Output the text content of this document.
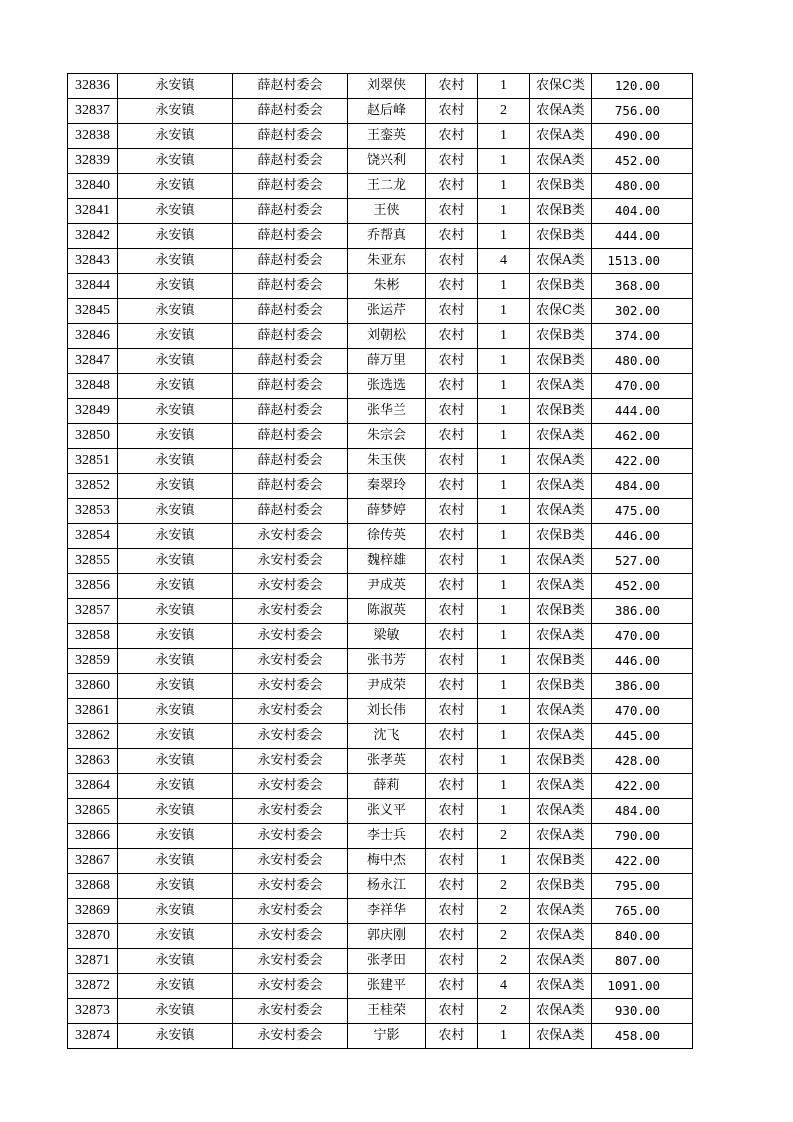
32836	永安镇	薛赵村委会	刘翠侠	农村	1	农保C类	120.00
32837	永安镇	薛赵村委会	赵后峰	农村	2	农保A类	756.00
32838	永安镇	薛赵村委会	王銮英	农村	1	农保A类	490.00
32839	永安镇	薛赵村委会	饶兴利	农村	1	农保A类	452.00
32840	永安镇	薛赵村委会	王二龙	农村	1	农保B类	480.00
32841	永安镇	薛赵村委会	王侠	农村	1	农保B类	404.00
32842	永安镇	薛赵村委会	乔帮真	农村	1	农保B类	444.00
32843	永安镇	薛赵村委会	朱亚东	农村	4	农保A类	1513.00
32844	永安镇	薛赵村委会	朱彬	农村	1	农保B类	368.00
32845	永安镇	薛赵村委会	张运芹	农村	1	农保C类	302.00
32846	永安镇	薛赵村委会	刘朝松	农村	1	农保B类	374.00
32847	永安镇	薛赵村委会	薛万里	农村	1	农保B类	480.00
32848	永安镇	薛赵村委会	张选选	农村	1	农保A类	470.00
32849	永安镇	薛赵村委会	张华兰	农村	1	农保B类	444.00
32850	永安镇	薛赵村委会	朱宗会	农村	1	农保A类	462.00
32851	永安镇	薛赵村委会	朱玉侠	农村	1	农保A类	422.00
32852	永安镇	薛赵村委会	秦翠玲	农村	1	农保A类	484.00
32853	永安镇	薛赵村委会	薛梦婷	农村	1	农保A类	475.00
32854	永安镇	永安村委会	徐传英	农村	1	农保B类	446.00
32855	永安镇	永安村委会	魏梓雄	农村	1	农保A类	527.00
32856	永安镇	永安村委会	尹成英	农村	1	农保A类	452.00
32857	永安镇	永安村委会	陈淑英	农村	1	农保B类	386.00
32858	永安镇	永安村委会	梁敏	农村	1	农保A类	470.00
32859	永安镇	永安村委会	张书芳	农村	1	农保B类	446.00
32860	永安镇	永安村委会	尹成荣	农村	1	农保B类	386.00
32861	永安镇	永安村委会	刘长伟	农村	1	农保A类	470.00
32862	永安镇	永安村委会	沈飞	农村	1	农保A类	445.00
32863	永安镇	永安村委会	张孝英	农村	1	农保B类	428.00
32864	永安镇	永安村委会	薛莉	农村	1	农保A类	422.00
32865	永安镇	永安村委会	张义平	农村	1	农保A类	484.00
32866	永安镇	永安村委会	李士兵	农村	2	农保A类	790.00
32867	永安镇	永安村委会	梅中杰	农村	1	农保B类	422.00
32868	永安镇	永安村委会	杨永江	农村	2	农保B类	795.00
32869	永安镇	永安村委会	李祥华	农村	2	农保A类	765.00
32870	永安镇	永安村委会	郭庆刚	农村	2	农保A类	840.00
32871	永安镇	永安村委会	张孝田	农村	2	农保A类	807.00
32872	永安镇	永安村委会	张建平	农村	4	农保A类	1091.00
32873	永安镇	永安村委会	王桂荣	农村	2	农保A类	930.00
32874	永安镇	永安村委会	宁影	农村	1	农保A类	458.00
